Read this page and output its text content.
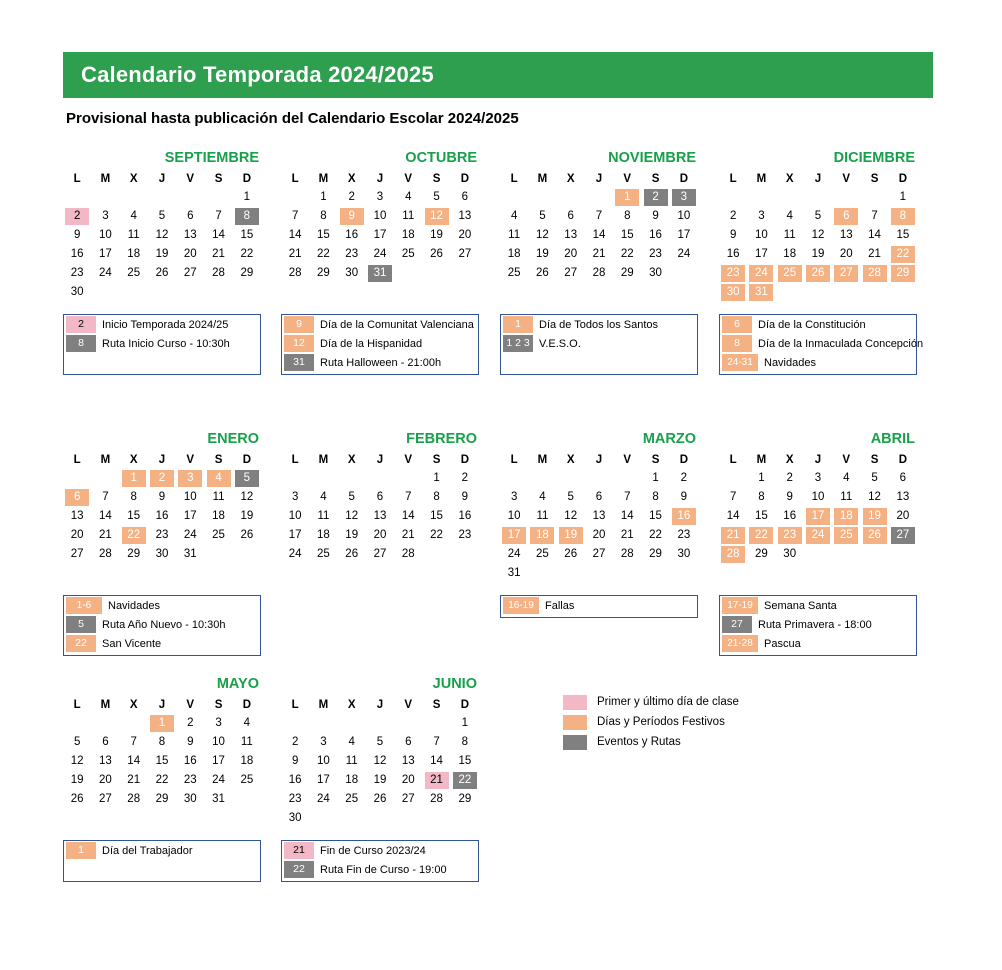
Calendario Temporada 2024/2025
Provisional hasta publicación del Calendario Escolar 2024/2025
SEPTIEMBRE
L	M	X	J	V	S	D

						1

2	3	4	5	6	7	8

9	10	11	12	13	14	15

16	17	18	19	20	21	22

23	24	25	26	27	28	29

30						

2	Inicio Temporada 2024/25
8	Ruta Inicio Curso - 10:30h
OCTUBRE
L	M	X	J	V	S	D

	1	2	3	4	5	6

7	8	9	10	11	12	13

14	15	16	17	18	19	20

21	22	23	24	25	26	27

28	29	30	31			

9	Día de la Comunitat Valenciana
12	Día de la Hispanidad
31	Ruta Halloween - 21:00h
NOVIEMBRE
L	M	X	J	V	S	D

				1	2	3

4	5	6	7	8	9	10

11	12	13	14	15	16	17

18	19	20	21	22	23	24

25	26	27	28	29	30	

1	Día de Todos los Santos
1 2 3 V.E.S.O.
DICIEMBRE
L	M	X	J	V	S	D

						1

2	3	4	5	6	7	8

9	10	11	12	13	14	15

16	17	18	19	20	21	22

23	24	25	26	27	28	29

30	31					

6	Día de la Constitución
8	Día de la Inmaculada Concepción
24-31	Navidades
ENERO
L	M	X	J	V	S	D

		1	2	3	4	5

6	7	8	9	10	11	12

13	14	15	16	17	18	19

20	21	22	23	24	25	26

27	28	29	30	31		

1-6	Navidades
5	Ruta Año Nuevo - 10:30h
22	San Vicente
FEBRERO
L	M	X	J	V	S	D

					1	2

3	4	5	6	7	8	9

10	11	12	13	14	15	16

17	18	19	20	21	22	23

24	25	26	27	28		

MARZO
L	M	X	J	V	S	D

					1	2

3	4	5	6	7	8	9

10	11	12	13	14	15	16

17	18	19	20	21	22	23

24	25	26	27	28	29	30

31						

16-19	Fallas
ABRIL
L	M	X	J	V	S	D

	1	2	3	4	5	6

7	8	9	10	11	12	13

14	15	16	17	18	19	20

21	22	23	24	25	26	27

28	29	30				

17-19	Semana Santa
27	Ruta Primavera - 18:00
21-28	Pascua
MAYO
L	M	X	J	V	S	D

			1	2	3	4

5	6	7	8	9	10	11

12	13	14	15	16	17	18

19	20	21	22	23	24	25

26	27	28	29	30	31	

1	Día del Trabajador
JUNIO
L	M	X	J	V	S	D

						1

2	3	4	5	6	7	8

9	10	11	12	13	14	15

16	17	18	19	20	21	22

23	24	25	26	27	28	29

30						

21	Fin de Curso 2023/24
22	Ruta Fin de Curso - 19:00
Primer y último día de clase
Días y Períodos Festivos
Eventos y Rutas
